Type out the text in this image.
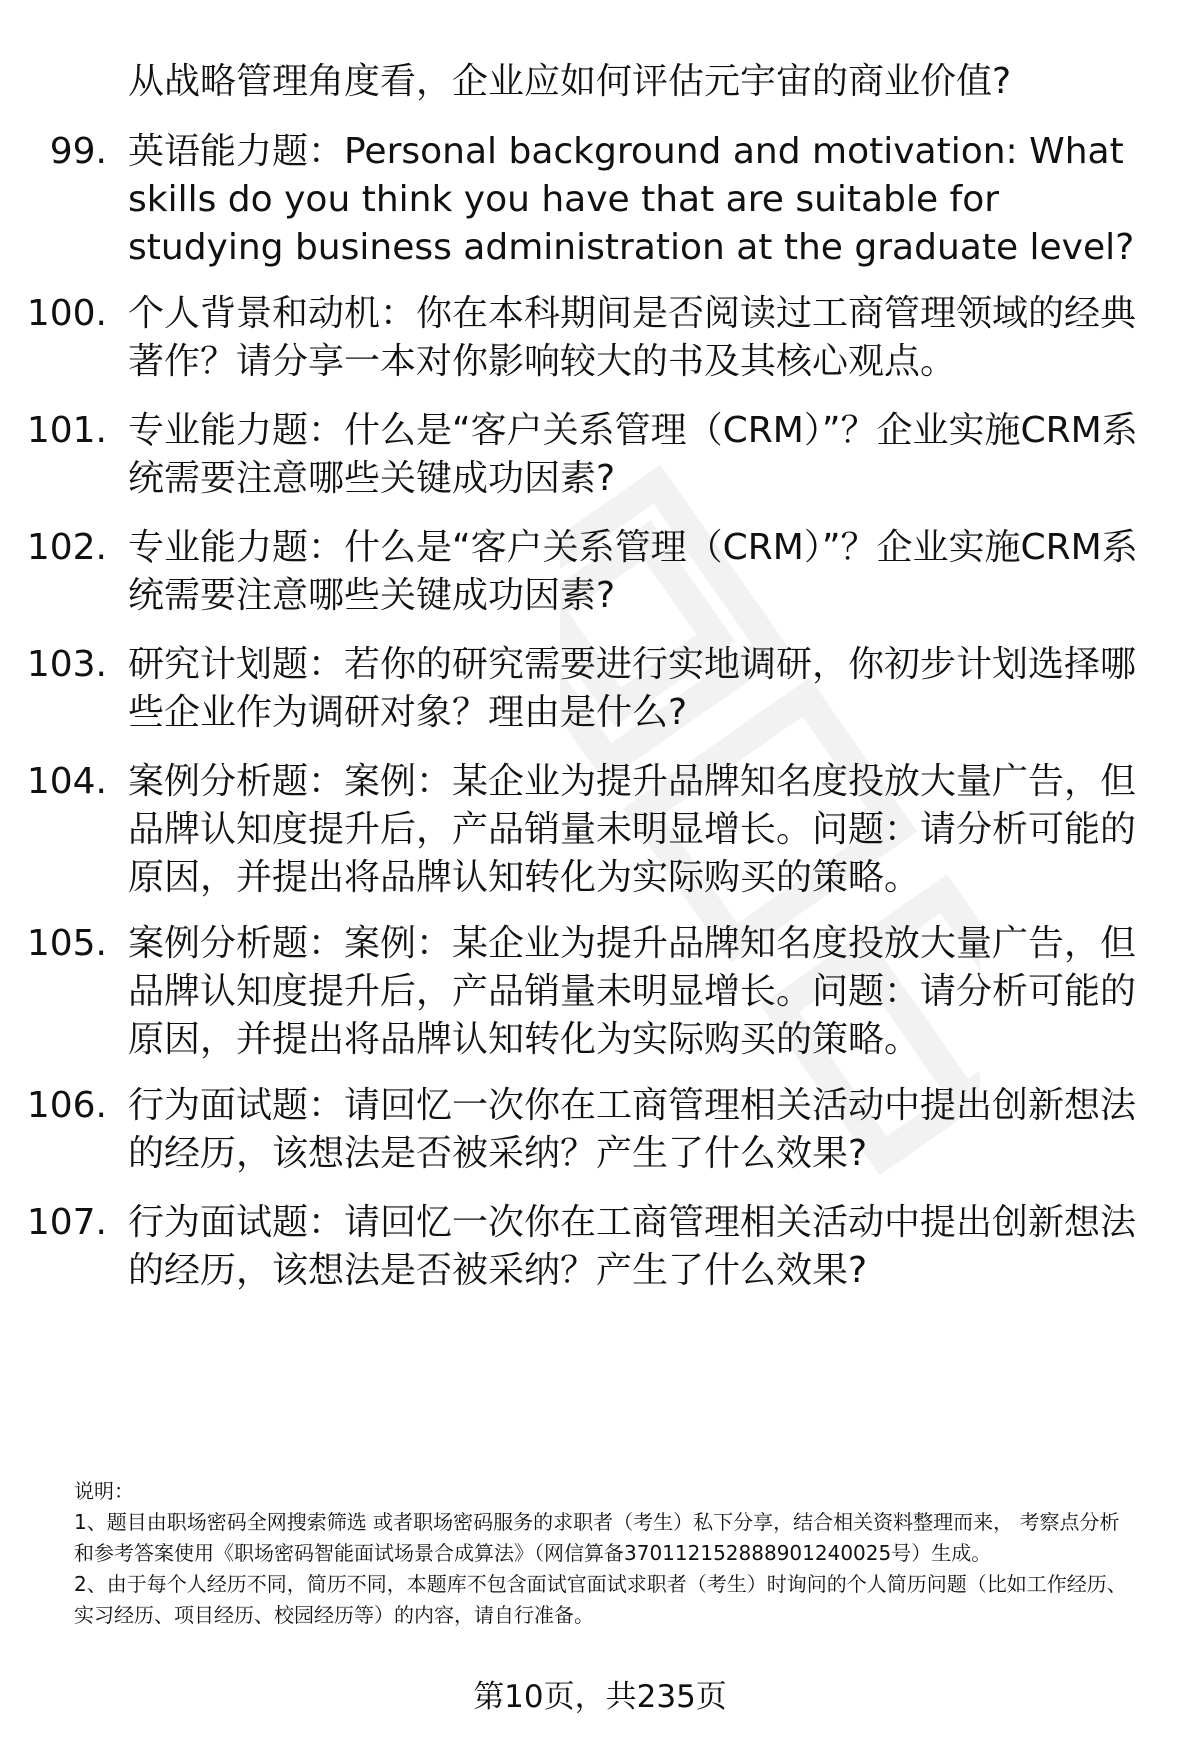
从战略管理角度看，企业应如何评估元宇宙的商业价值?
99. 英语能力题：Personal background and motivation: What skills do you think you have that are suitable for studying business administration at the graduate level?
100. 个人背景和动机：你在本科期间是否阅读过工商管理领域的经典著作？请分享一本对你影响较大的书及其核心观点。
101. 专业能力题：什么是“客户关系管理（CRM）”？企业实施CRM系统需要注意哪些关键成功因素?
102. 专业能力题：什么是“客户关系管理（CRM）”？企业实施CRM系统需要注意哪些关键成功因素?
103. 研究计划题：若你的研究需要进行实地调研，你初步计划选择哪些企业作为调研对象？理由是什么?
104. 案例分析题：案例：某企业为提升品牌知名度投放大量广告，但品牌认知度提升后，产品销量未明显增长。问题：请分析可能的原因，并提出将品牌认知转化为实际购买的策略。
105. 案例分析题：案例：某企业为提升品牌知名度投放大量广告，但品牌认知度提升后，产品销量未明显增长。问题：请分析可能的原因，并提出将品牌认知转化为实际购买的策略。
106. 行为面试题：请回忆一次你在工商管理相关活动中提出创新想法的经历，该想法是否被采纳？产生了什么效果?
107. 行为面试题：请回忆一次你在工商管理相关活动中提出创新想法的经历，该想法是否被采纳？产生了什么效果?

说明：

1、题目由职场密码全网搜索筛选 或者职场密码服务的求职者（考生）私下分享，结合相关资料整理而来， 考察点分析和参考答案使用《职场密码智能面试场景合成算法》（网信算备370112152888901240025号）生成。

2、由于每个人经历不同，简历不同，本题库不包含面试官面试求职者（考生）时询问的个人简历问题（比如工作经历、实习经历、项目经历、校园经历等）的内容，请自行准备。

第10页，共235页
